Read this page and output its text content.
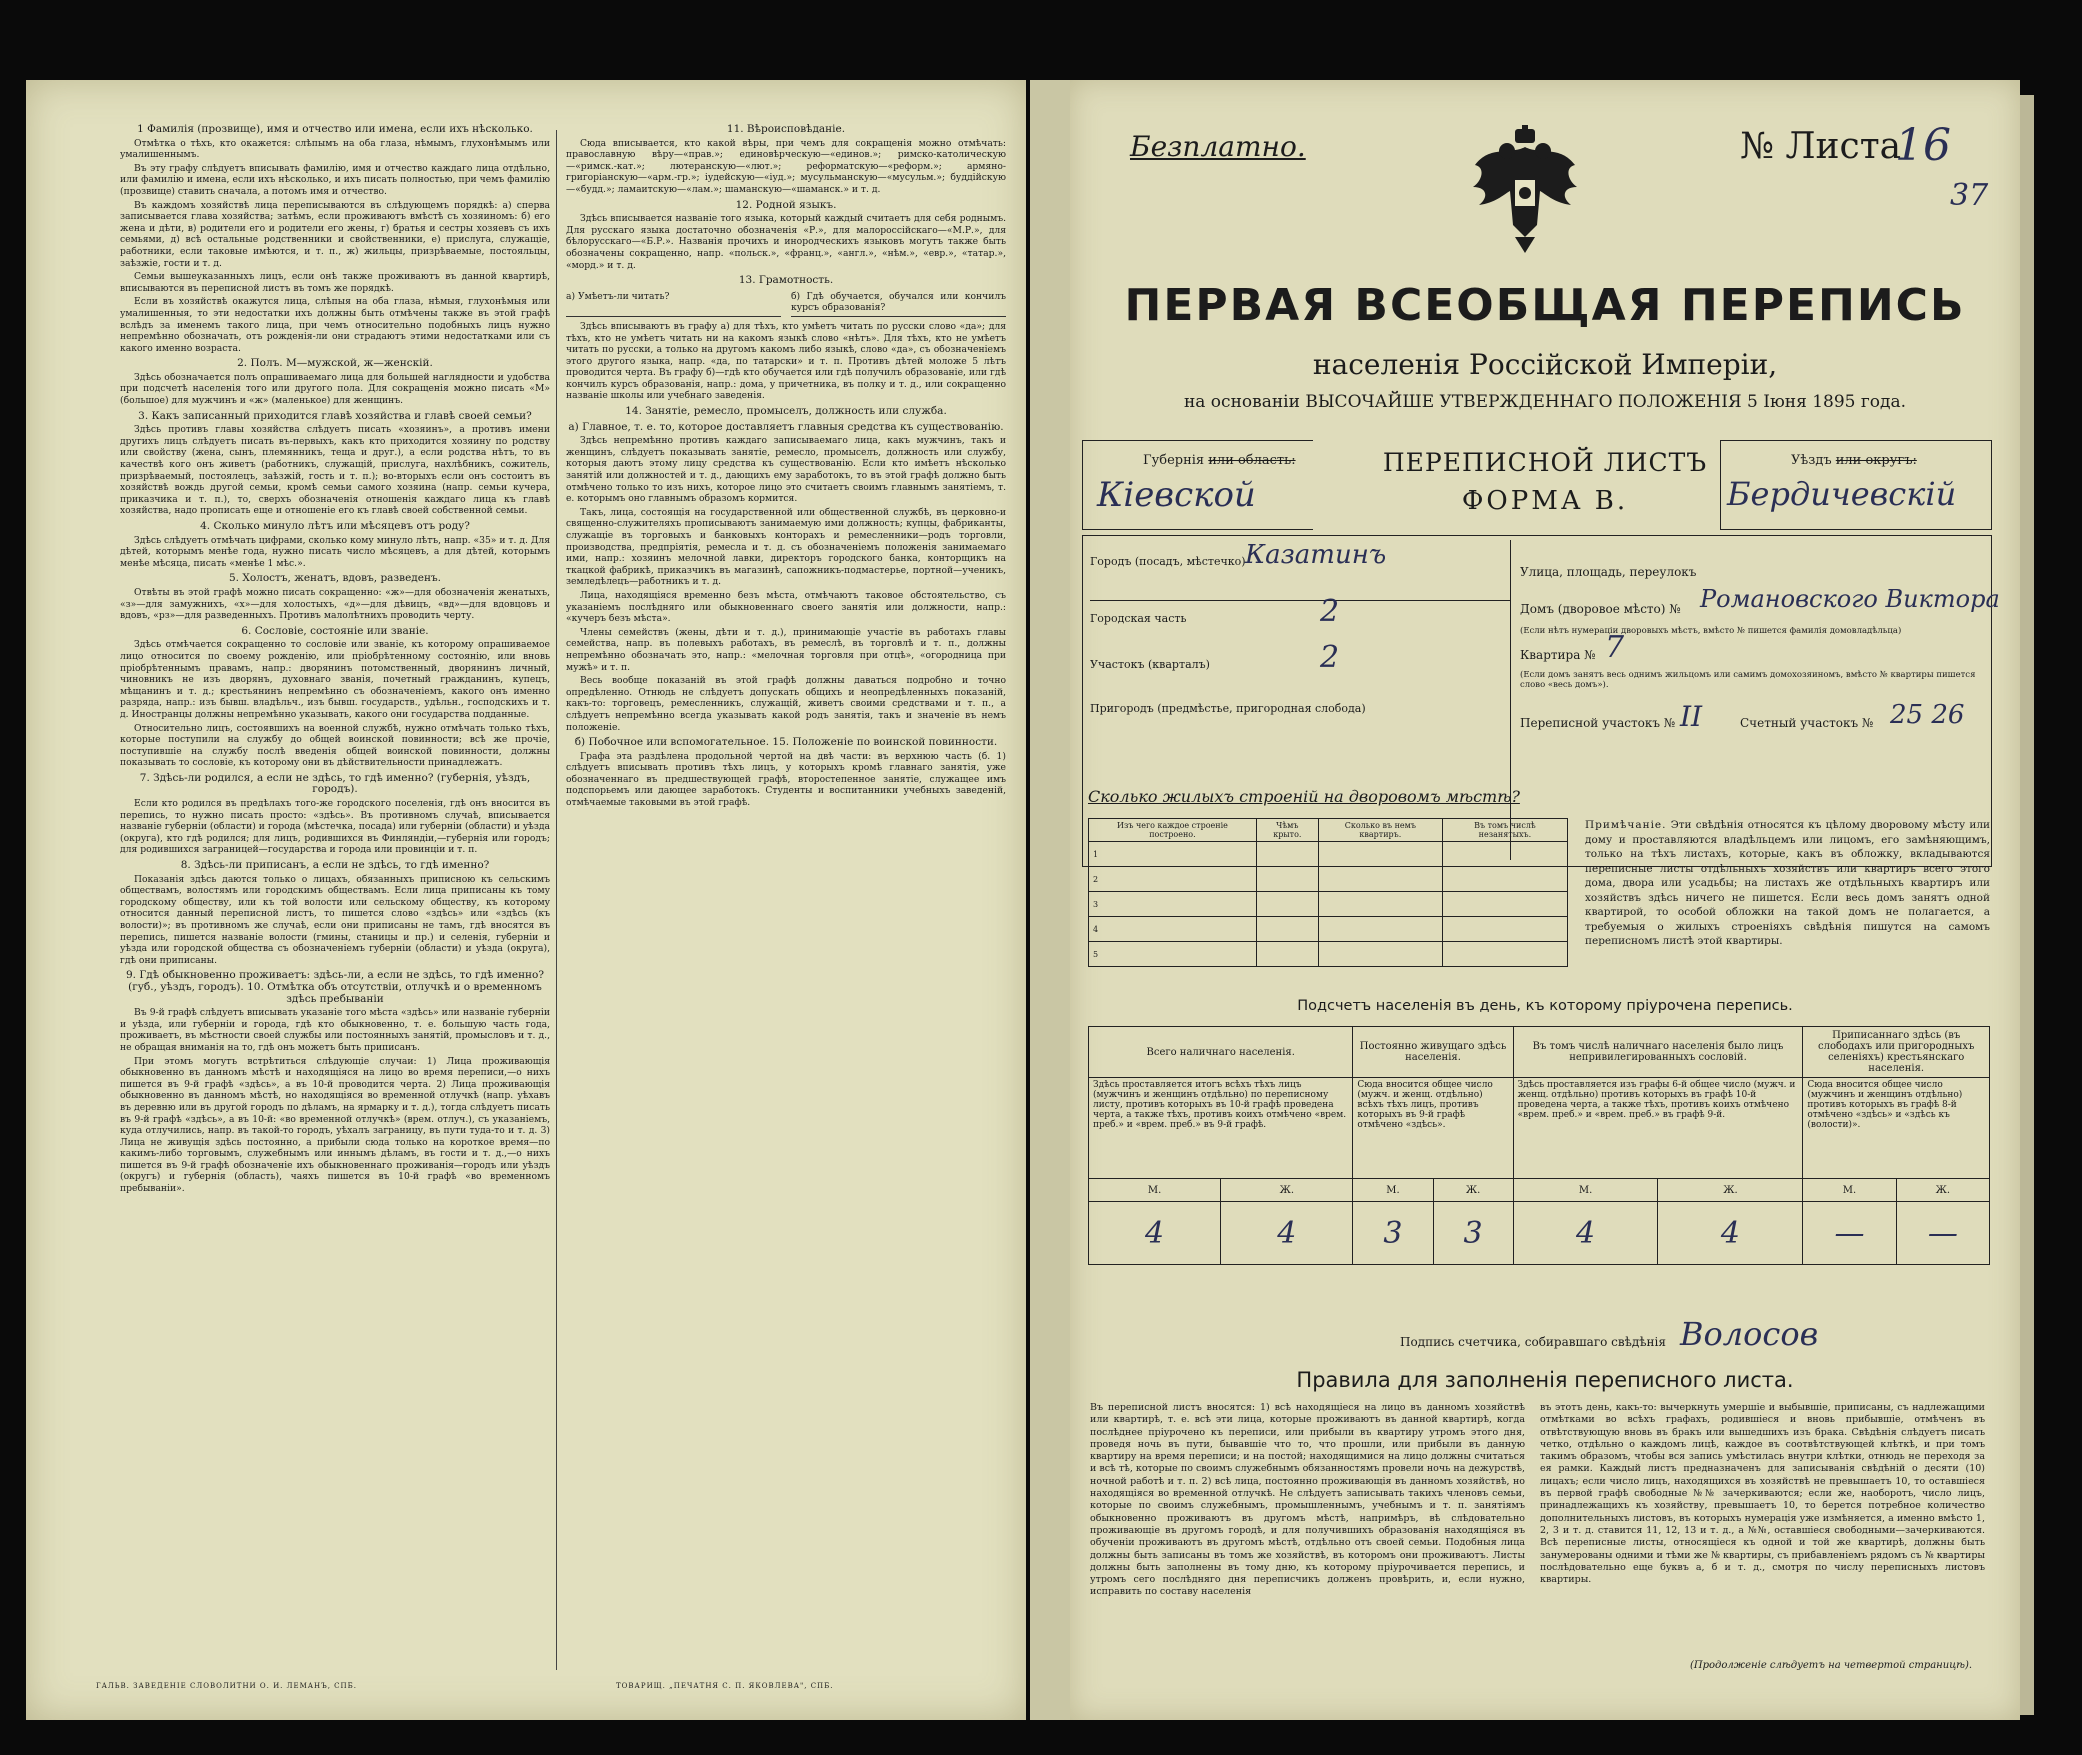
1 Фамилія (прозвище), имя и отчество или имена, если ихъ нѣсколько.

Отмѣтка о тѣхъ, кто окажется: слѣпымъ на оба глаза, нѣмымъ, глухонѣмымъ или умалишеннымъ.

Въ эту графу слѣдуетъ вписывать фамилію, имя и отчество каждаго лица отдѣльно, или фамилію и имена, если ихъ нѣсколько, и ихъ писать полностью, при чемъ фамилію (прозвище) ставить сначала, а потомъ имя и отчество.

Въ каждомъ хозяйствѣ лица переписываются въ слѣдующемъ порядкѣ: а) сперва записывается глава хозяйства; затѣмъ, если проживаютъ вмѣстѣ съ хозяиномъ: б) его жена и дѣти, в) родители его и родители его жены, г) братья и сестры хозяевъ съ ихъ семьями, д) всѣ остальные родственники и свойственники, е) прислуга, служащіе, работники, если таковые имѣются, и т. п., ж) жильцы, призрѣваемые, постояльцы, заѣзжіе, гости и т. д.

Семьи вышеуказанныхъ лицъ, если онѣ также проживаютъ въ данной квартирѣ, вписываются въ переписной листъ въ томъ же порядкѣ.

Если въ хозяйствѣ окажутся лица, слѣпыя на оба глаза, нѣмыя, глухонѣмыя или умалишенныя, то эти недостатки ихъ должны быть отмѣчены также въ этой графѣ вслѣдъ за именемъ такого лица, при чемъ относительно подобныхъ лицъ нужно непремѣнно обозначать, отъ рожденія-ли они страдаютъ этими недостатками или съ какого именно возраста.

2. Полъ. М—мужской, ж—женскій.

Здѣсь обозначается полъ опрашиваемаго лица для большей наглядности и удобства при подсчетѣ населенія того или другого пола. Для сокращенія можно писать «М» (большое) для мужчинъ и «ж» (маленькое) для женщинъ.

3. Какъ записанный приходится главѣ хозяйства и главѣ своей семьи?

Здѣсь противъ главы хозяйства слѣдуетъ писать «хозяинъ», а противъ имени другихъ лицъ слѣдуетъ писать въ-первыхъ, какъ кто приходится хозяину по родству или свойству (жена, сынъ, племянникъ, теща и друг.), а если родства нѣтъ, то въ качествѣ кого онъ живетъ (работникъ, служащій, прислуга, нахлѣбникъ, сожитель, призрѣваемый, постоялецъ, заѣзжій, гость и т. п.); во-вторыхъ если онъ состоитъ въ хозяйствѣ вождь другой семьи, кромѣ семьи самого хозяина (напр. семьи кучера, приказчика и т. п.), то, сверхъ обозначенія отношенія каждаго лица къ главѣ хозяйства, надо прописать еще и отношеніе его къ главѣ своей собственной семьи.

4. Сколько минуло лѣтъ или мѣсяцевъ отъ роду?

Здѣсь слѣдуетъ отмѣчать цифрами, сколько кому минуло лѣтъ, напр. «35» и т. д. Для дѣтей, которымъ менѣе года, нужно писать число мѣсяцевъ, а для дѣтей, которымъ менѣе мѣсяца, писать «менѣе 1 мѣс.».

5. Холостъ, женатъ, вдовъ, разведенъ.

Отвѣты въ этой графѣ можно писать сокращенно: «ж»—для обозначенія женатыхъ, «з»—для замужнихъ, «х»—для холостыхъ, «д»—для дѣвицъ, «вд»—для вдовцовъ и вдовъ, «рз»—для разведенныхъ. Противъ малолѣтнихъ проводить черту.

6. Сословіе, состояніе или званіе.

Здѣсь отмѣчается сокращенно то сословіе или званіе, къ которому опрашиваемое лицо относится по своему рожденію, или пріобрѣтенному состоянію, или вновь пріобрѣтеннымъ правамъ, напр.: дворянинъ потомственный, дворянинъ личный, чиновникъ не изъ дворянъ, духовнаго званія, почетный гражданинъ, купецъ, мѣщанинъ и т. д.; крестьянинъ непремѣнно съ обозначеніемъ, какого онъ именно разряда, напр.: изъ бывш. владѣльч., изъ бывш. государств., удѣльн., господскихъ и т. д. Иностранцы должны непремѣнно указывать, какого они государства подданные.

Относительно лицъ, состоявшихъ на военной службѣ, нужно отмѣчать только тѣхъ, которые поступили на службу до общей воинской повинности; всѣ же прочіе, поступившіе на службу послѣ введенія общей воинской повинности, должны показывать то сословіе, къ которому они въ дѣйствительности принадлежатъ.

7. Здѣсь-ли родился, а если не здѣсь, то гдѣ именно? (губернія, уѣздъ, городъ).

Если кто родился въ предѣлахъ того-же городского поселенія, гдѣ онъ вносится въ перепись, то нужно писать просто: «здѣсь». Въ противномъ случаѣ, вписывается названіе губерніи (области) и города (мѣстечка, посада) или губерніи (области) и уѣзда (округа), кто гдѣ родился; для лицъ, родившихся въ Финляндіи,—губернія или городъ; для родившихся заграницей—государства и города или провинціи и т. п.

8. Здѣсь-ли приписанъ, а если не здѣсь, то гдѣ именно?

Показанія здѣсь даются только о лицахъ, обязанныхъ приписною къ сельскимъ обществамъ, волостямъ или городскимъ обществамъ. Если лица приписаны къ тому городскому обществу, или къ той волости или сельскому обществу, къ которому относится данный переписной листъ, то пишется слово «здѣсь» или «здѣсь (къ волости)»; въ противномъ же случаѣ, если они приписаны не тамъ, гдѣ вносятся въ перепись, пишется названіе волости (гмины, станицы и пр.) и селенія, губерніи и уѣзда или городской общества съ обозначеніемъ губерніи (области) и уѣзда (округа), гдѣ они приписаны.

9. Гдѣ обыкновенно проживаетъ: здѣсь-ли, а если не здѣсь, то гдѣ именно? (губ., уѣздъ, городъ). 10. Отмѣтка объ отсутствіи, отлучкѣ и о временномъ здѣсь пребываніи

Въ 9-й графѣ слѣдуетъ вписывать указаніе того мѣста «здѣсь» или названіе губерніи и уѣзда, или губерніи и города, гдѣ кто обыкновенно, т. е. большую часть года, проживаетъ, въ мѣстности своей службы или постоянныхъ занятій, промысловъ и т. д., не обращая вниманія на то, гдѣ онъ можетъ быть приписанъ.

При этомъ могутъ встрѣтиться слѣдующіе случаи: 1) Лица проживающія обыкновенно въ данномъ мѣстѣ и находящіяся на лицо во время переписи,—о нихъ пишется въ 9-й графѣ «здѣсь», а въ 10-й проводится черта. 2) Лица проживающія обыкновенно въ данномъ мѣстѣ, но находящіяся во временной отлучкѣ (напр. уѣхавъ въ деревню или въ другой городъ по дѣламъ, на ярмарку и т. д.), тогда слѣдуетъ писать въ 9-й графѣ «здѣсь», а въ 10-й: «во временной отлучкѣ» (врем. отлуч.), съ указаніемъ, куда отлучились, напр. въ такой-то городъ, уѣхалъ заграницу, въ пути туда-то и т. д. 3) Лица не живущія здѣсь постоянно, а прибыли сюда только на короткое время—по какимъ-либо торговымъ, служебнымъ или иннымъ дѣламъ, въ гости и т. д.,—о нихъ пишется въ 9-й графѣ обозначеніе ихъ обыкновеннаго проживанія—городъ или уѣздъ (округъ) и губернія (область), чаяхъ пишется въ 10-й графѣ «во временномъ пребываніи».

11. Вѣроисповѣданіе.

Сюда вписывается, кто какой вѣры, при чемъ для сокращенія можно отмѣчать: православную вѣру—«прав.»; единовѣрческую—«единов.»; римско-католическую—«римск.-кат.»; лютеранскую—«лют.»; реформатскую—«реформ.»; армяно-григорiанскую—«арм.-гр.»; іудейскую—«іуд.»; мусульманскую—«мусульм.»; буддійскую—«будд.»; ламаитскую—«лам.»; шаманскую—«шаманск.» и т. д.

12. Родной языкъ.

Здѣсь вписывается названіе того языка, который каждый считаетъ для себя роднымъ. Для русскаго языка достаточно обозначенія «Р.», для малороссійскаго—«М.Р.», для бѣлорусскаго—«Б.Р.». Названія прочихъ и инородческихъ языковъ могутъ также быть обозначены сокращенно, напр. «польск.», «франц.», «англ.», «нѣм.», «евр.», «татар.», «морд.» и т. д.

13. Грамотность.
а) Умѣетъ-ли читать?	б) Гдѣ обучается, обучался или кончилъ курсъ образованія?

Здѣсь вписываютъ въ графу а) для тѣхъ, кто умѣетъ читать по русски слово «да»; для тѣхъ, кто не умѣетъ читать ни на какомъ языкѣ слово «нѣтъ». Для тѣхъ, кто не умѣетъ читать по русски, а только на другомъ какомъ либо языкѣ, слово «да», съ обозначеніемъ этого другого языка, напр. «да, по татарски» и т. п. Противъ дѣтей моложе 5 лѣтъ проводится черта. Въ графу б)—гдѣ кто обучается или гдѣ получилъ образованіе, или гдѣ кончилъ курсъ образованія, напр.: дома, у причетника, въ полку и т. д., или сокращенно названіе школы или учебнаго заведенія.

14. Занятіе, ремесло, промыселъ, должность или служба.
а) Главное, т. е. то, которое доставляетъ главныя средства къ существованію.

Здѣсь непремѣнно противъ каждаго записываемаго лица, какъ мужчинъ, такъ и женщинъ, слѣдуетъ показывать занятіе, ремесло, промыселъ, должность или службу, которыя даютъ этому лицу средства къ существованію. Если кто имѣетъ нѣсколько занятій или должностей и т. д., дающихъ ему заработокъ, то въ этой графѣ должно быть отмѣчено только то изъ нихъ, которое лицо это считаетъ своимъ главнымъ занятіемъ, т. е. которымъ оно главнымъ образомъ кормится.

Такъ, лица, состоящія на государственной или общественной службѣ, въ церковно-и священно-служителяхъ прописываютъ занимаемую ими должность; купцы, фабриканты, служащіе въ торговыхъ и банковыхъ конторахъ и ремесленники—родъ торговли, производства, предпріятія, ремесла и т. д. съ обозначеніемъ положенія занимаемаго ими, напр.: хозяинъ мелочной лавки, директоръ городского банка, конторщикъ на ткацкой фабрикѣ, приказчикъ въ магазинѣ, сапожникъ-подмастерье, портной—ученикъ, земледѣлецъ—работникъ и т. д.

Лица, находящіяся временно безъ мѣста, отмѣчаютъ таковое обстоятельство, съ указаніемъ послѣдняго или обыкновеннаго своего занятія или должности, напр.: «кучеръ безъ мѣста».

Члены семействъ (жены, дѣти и т. д.), принимающіе участіе въ работахъ главы семейства, напр. въ полевыхъ работахъ, въ ремеслѣ, въ торговлѣ и т. п., должны непремѣнно обозначать это, напр.: «мелочная торговля при отцѣ», «огородница при мужѣ» и т. п.

Весь вообще показаній въ этой графѣ должны даваться подробно и точно опредѣленно. Отнюдь не слѣдуетъ допускать общихъ и неопредѣленныхъ показаній, какъ-то: торговецъ, ремесленникъ, служащій, живетъ своими средствами и т. п., а слѣдуетъ непремѣнно всегда указывать какой родъ занятія, такъ и значеніе въ немъ положеніе.

б) Побочное или вспомогательное. 15. Положеніе по воинской повинности.

Графа эта раздѣлена продольной чертой на двѣ части: въ верхнюю часть (б. 1) слѣдуетъ вписывать противъ тѣхъ лицъ, у которыхъ кромѣ главнаго занятія, уже обозначеннаго въ предшествующей графѣ, второстепенное занятіе, служащее имъ подспорьемъ или дающее заработокъ. Студенты и воспитанники учебныхъ заведеній, отмѣчаемые таковыми въ этой графѣ.

ГАЛЬВ. ЗАВЕДЕНІЕ СЛОВОЛИТНИ О. И. ЛЕМАНЪ, СПБ.	ТОВАРИЩ. „ПЕЧАТНЯ С. П. ЯКОВЛЕВА", СПБ.
Безплатно.	№ Листа
16
37
ПЕРВАЯ ВСЕОБЩАЯ ПЕРЕПИСЬ
населенія Россійской Имперіи,
на основаніи ВЫСОЧАЙШЕ УТВЕРЖДЕННАГО ПОЛОЖЕНІЯ 5 Іюня 1895 года.
Губернія или область:
Кіевской
ПЕРЕПИСНОЙ ЛИСТЪ
ФОРМА В.
Уѣздъ или округъ:
Бердичевскій
Городъ (посадъ, мѣстечко) Казатинъ
Городская часть	2
Участокъ (кварталъ)	2
Пригородъ (предмѣстье, пригородная слобода)
Улица, площадь, переулокъ
Домъ (дворовое мѣсто) № Романовского Виктора
(Если нѣтъ нумераціи дворовыхъ мѣстъ, вмѣсто № пишется фамилія домовладѣльца)
Квартира № 7
(Если домъ занятъ весь однимъ жильцомъ или самимъ домохозяиномъ, вмѣсто № квартиры пишется слово «весь домъ»).
Переписной участокъ № II	Счетный участокъ № 25 26
Сколько жилыхъ строеній на дворовомъ мѣстѣ?
Изъ чего каждое строеніе построено.	Чѣмъ крыто.	Сколько въ немъ квартиръ.	Въ томъ числѣ незанятыхъ.
1			
2			
3			
4			
5			
Примѣчаніе. Эти свѣдѣнія относятся къ цѣлому дворовому мѣсту или дому и проставляются владѣльцемъ или лицомъ, его замѣняющимъ, только на тѣхъ листахъ, которые, какъ въ обложку, вкладываются переписные листы отдѣльныхъ хозяйствъ или квартиръ всего этого дома, двора или усадьбы; на листахъ же отдѣльныхъ квартиръ или хозяйствъ здѣсь ничего не пишется. Если весь домъ занятъ одной квартирой, то особой обложки на такой домъ не полагается, а требуемыя о жилыхъ строеніяхъ свѣдѣнія пишутся на самомъ переписномъ листѣ этой квартиры.
Подсчетъ населенія въ день, къ которому пріурочена перепись.
Всего наличнаго населенія.		Постоянно живущаго здѣсь населенія.		Въ томъ числѣ наличнаго населенія было лицъ непривилегированныхъ сословій.		Приписаннаго здѣсь (въ слободахъ или пригородныхъ селеніяхъ) крестьянскаго населенія.	
Здѣсь проставляется итогъ всѣхъ тѣхъ лицъ (мужчинъ и женщинъ отдѣльно) по переписному листу, противъ которыхъ въ 10-й графѣ проведена черта, а также тѣхъ, противъ коихъ отмѣчено «врем. преб.» и «врем. преб.» въ 9-й графѣ.		Сюда вносится общее число (мужч. и женщ. отдѣльно) всѣхъ тѣхъ лицъ, противъ которыхъ въ 9-й графѣ отмѣчено «здѣсь».		Здѣсь проставляется изъ графы 6-й общее число (мужч. и женщ. отдѣльно) противъ которыхъ въ графѣ 10-й проведена черта, а также тѣхъ, противъ коихъ отмѣчено «врем. преб.» и «врем. преб.» въ графѣ 9-й.		Сюда вносится общее число (мужчинъ и женщинъ отдѣльно) противъ которыхъ въ графѣ 8-й отмѣчено «здѣсь» и «здѣсь къ (волости)».	
М.	Ж.	М.	Ж.	М.	Ж.	М.	Ж.
4	4	3	3	4	4	—	—
Подпись счетчика, собиравшаго свѣдѣнія Волосов
Правила для заполненія переписного листа.
Въ переписной листъ вносятся: 1) всѣ находящіеся на лицо въ данномъ хозяйствѣ или квартирѣ, т. е. всѣ эти лица, которые проживаютъ въ данной квартирѣ, когда послѣднее пріурочено къ переписи, или прибыли въ квартиру утромъ этого дня, проведя ночь въ пути, бывавшіе что то, что прошли, или прибыли въ данную квартиру на время переписи; и на постой; находящимися на лицо должны считаться и всѣ тѣ, которые по своимъ служебнымъ обязанностямъ провели ночь на дежурствѣ, ночной работѣ и т. п. 2) всѣ лица, постоянно проживающія въ данномъ хозяйствѣ, но находящіяся во временной отлучкѣ. Не слѣдуетъ записывать такихъ членовъ семьи, которые по своимъ служебнымъ, промышленнымъ, учебнымъ и т. п. занятіямъ обыкновенно проживаютъ въ другомъ мѣстѣ, напримѣръ, вѣ слѣдовательно проживающіе въ другомъ городѣ, и для получившихъ образованія находящіяся въ обученіи проживаютъ въ другомъ мѣстѣ, отдѣльно отъ своей семьи. Подобныя лица должны быть записаны въ томъ же хозяйствѣ, въ которомъ они проживаютъ. Листы должны быть заполнены въ тому дню, къ которому пріурочивается перепись, и утромъ сего послѣдняго дня переписчикъ долженъ провѣрить, и, если нужно, исправить по составу населенія
въ этотъ день, какъ-то: вычеркнуть умершіе и выбывшіе, приписаны, съ надлежащими отмѣтками во всѣхъ графахъ, родившіеся и вновь прибывшіе, отмѣченъ въ отвѣтствующую вновь въ бракъ или вышедшихъ изъ брака. Свѣдѣнія слѣдуетъ писать четко, отдѣльно о каждомъ лицѣ, каждое въ соотвѣтствующей клѣткѣ, и при томъ такимъ образомъ, чтобы вся запись умѣстилась внутри клѣтки, отнюдь не переходя за ея рамки. Каждый листъ предназначенъ для записыванія свѣдѣній о десяти (10) лицахъ; если число лицъ, находящихся въ хозяйствѣ не превышаетъ 10, то оставшіеся въ первой графѣ свободные №№ зачеркиваются; если же, наоборотъ, число лицъ, принадлежащихъ къ хозяйству, превышаетъ 10, то берется потребное количество дополнительныхъ листовъ, въ которыхъ нумерація уже измѣняется, а именно вмѣсто 1, 2, 3 и т. д. ставится 11, 12, 13 и т. д., а №№, оставшіеся свободными—зачеркиваются. Всѣ переписные листы, относящіеся къ одной и той же квартирѣ, должны быть занумерованы одними и тѣми же № квартиры, съ прибавленіемъ рядомъ съ № квартиры послѣдовательно еще буквъ а, б и т. д., смотря по числу переписныхъ листовъ квартиры.
(Продолженіе слѣдуетъ на четвертой страницѣ).
